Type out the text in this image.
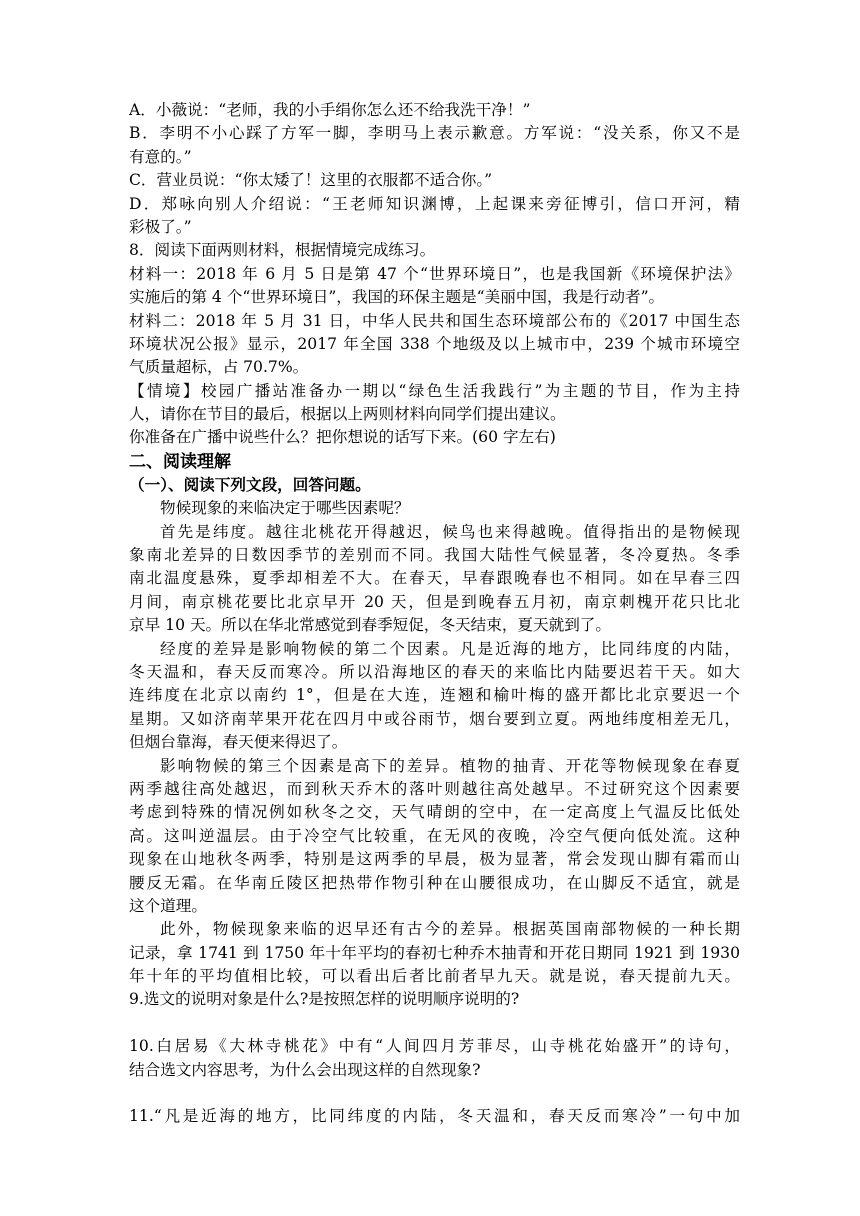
A．小薇说：“老师，我的小手绢你怎么还不给我洗干净！”
B．李明不小心踩了方军一脚，李明马上表示歉意。方军说：“没关系，你又不是
有意的。”
C．营业员说：“你太矮了！这里的衣服都不适合你。”
D．郑咏向别人介绍说：“王老师知识渊博，上起课来旁征博引，信口开河，精
彩极了。”
8．阅读下面两则材料，根据情境完成练习。
材料一：2018 年 6 月 5 日是第 47 个“世界环境日”，也是我国新《环境保护法》
实施后的第 4 个“世界环境日”，我国的环保主题是“美丽中国，我是行动者”。
材料二：2018 年 5 月 31 日，中华人民共和国生态环境部公布的《2017 中国生态
环境状况公报》显示，2017 年全国 338 个地级及以上城市中，239 个城市环境空
气质量超标，占 70.7%。
【情境】校园广播站准备办一期以“绿色生活我践行”为主题的节目，作为主持
人，请你在节目的最后，根据以上两则材料向同学们提出建议。
你准备在广播中说些什么？把你想说的话写下来。(60 字左右)
二、阅读理解
（一）、阅读下列文段，回答问题。
物候现象的来临决定于哪些因素呢？
首先是纬度。越往北桃花开得越迟，候鸟也来得越晚。值得指出的是物候现
象南北差异的日数因季节的差别而不同。我国大陆性气候显著，冬冷夏热。冬季
南北温度悬殊，夏季却相差不大。在春天，早春跟晚春也不相同。如在早春三四
月间，南京桃花要比北京早开 20 天，但是到晚春五月初，南京刺槐开花只比北
京早 10 天。所以在华北常感觉到春季短促，冬天结束，夏天就到了。
经度的差异是影响物候的第二个因素。凡是近海的地方，比同纬度的内陆，
冬天温和，春天反而寒冷。所以沿海地区的春天的来临比内陆要迟若干天。如大
连纬度在北京以南约 1°，但是在大连，连翘和榆叶梅的盛开都比北京要迟一个
星期。又如济南苹果开花在四月中或谷雨节，烟台要到立夏。两地纬度相差无几，
但烟台靠海，春天便来得迟了。
影响物候的第三个因素是高下的差异。植物的抽青、开花等物候现象在春夏
两季越往高处越迟，而到秋天乔木的落叶则越往高处越早。不过研究这个因素要
考虑到特殊的情况例如秋冬之交，天气晴朗的空中，在一定高度上气温反比低处
高。这叫逆温层。由于冷空气比较重，在无风的夜晚，冷空气便向低处流。这种
现象在山地秋冬两季，特别是这两季的早晨，极为显著，常会发现山脚有霜而山
腰反无霜。在华南丘陵区把热带作物引种在山腰很成功，在山脚反不适宜，就是
这个道理。
此外，物候现象来临的迟早还有古今的差异。根据英国南部物候的一种长期
记录，拿 1741 到 1750 年十年平均的春初七种乔木抽青和开花日期同 1921 到 1930
年十年的平均值相比较，可以看出后者比前者早九天。就是说，春天提前九天。
9.选文的说明对象是什么?是按照怎样的说明顺序说明的?
10.白居易《大林寺桃花》中有“人间四月芳菲尽，山寺桃花始盛开”的诗句，
结合选文内容思考，为什么会出现这样的自然现象?
11.“凡是近海的地方，比同纬度的内陆，冬天温和，春天反而寒冷”一句中加
